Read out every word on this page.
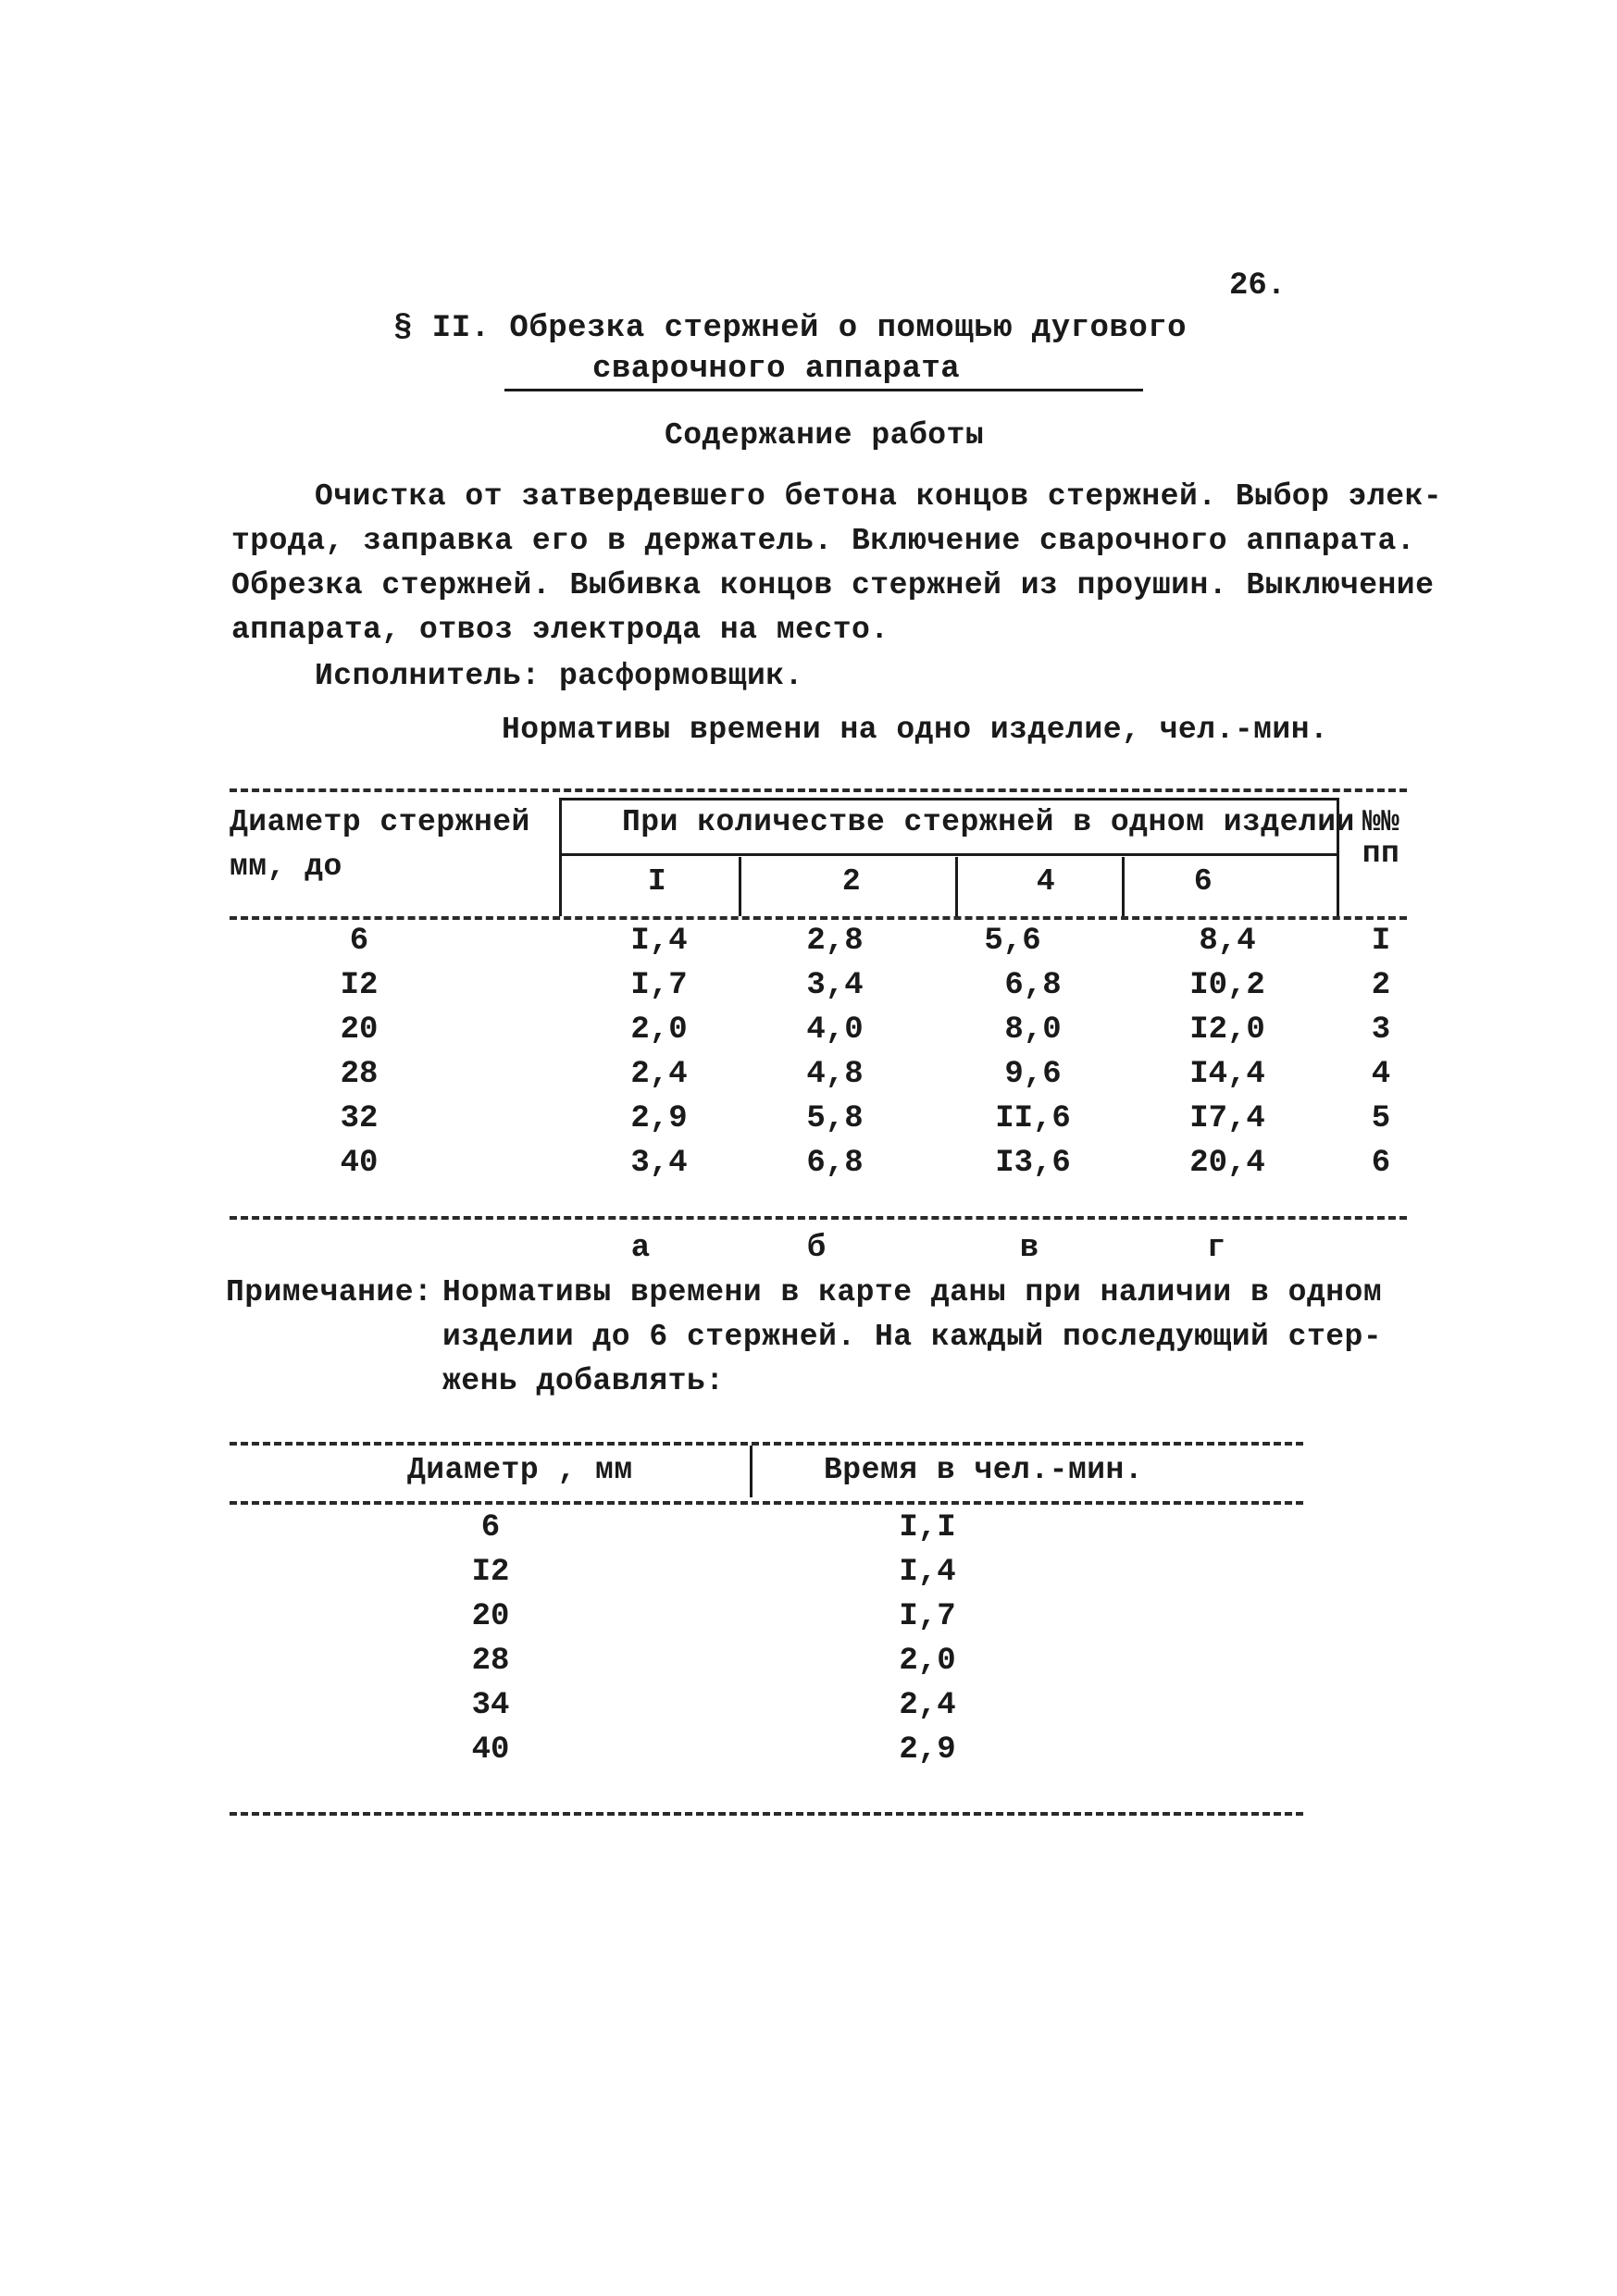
26.
§ II. Обрезка стержней о помощью дугового
сварочного аппарата
Содержание работы
Очистка от затвердевшего бетона концов стержней. Выбор элек-
трода, заправка его в держатель. Включение сварочного аппарата.
Обрезка стержней. Выбивка концов стержней из проушин. Выключение
аппарата, отвоз электрода на место.
Исполнитель: расформовщик.
Нормативы времени на одно изделие, чел.-мин.
Диаметр стержней
мм, до
При количестве стержней в одном изделии
I	2	4	6
№№
пп
6	I,4	2,8	5,6	8,4	I
I2	I,7	3,4	6,8	I0,2	2
20	2,0	4,0	8,0	I2,0	3
28	2,4	4,8	9,6	I4,4	4
32	2,9	5,8	II,6	I7,4	5
40	3,4	6,8	I3,6	20,4	6
а	б	в	г
Примечание: Нормативы времени в карте даны при наличии в одном
изделии до 6 стержней. На каждый последующий стер-
жень добавлять:
Диаметр , мм	Время в чел.-мин.
6	I,I
I2	I,4
20	I,7
28	2,0
34	2,4
40	2,9
